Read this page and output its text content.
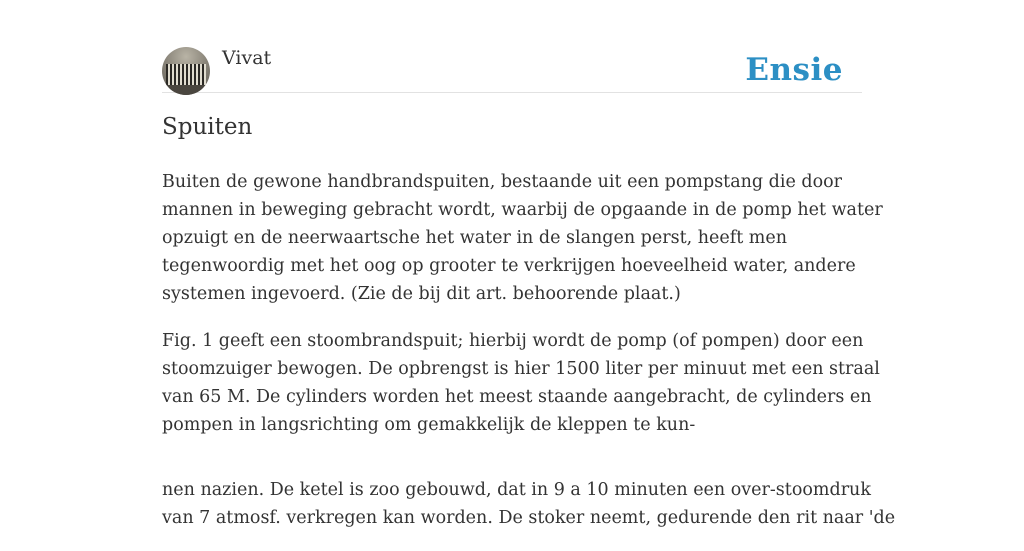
Vivat	Ensie
Spuiten

Buiten de gewone handbrandspuiten, bestaande uit een pompstang die door
mannen in beweging gebracht wordt, waarbij de opgaande in de pomp het water
opzuigt en de neerwaartsche het water in de slangen perst, heeft men
tegenwoordig met het oog op grooter te verkrijgen hoeveelheid water, andere
systemen ingevoerd. (Zie de bij dit art. behoorende plaat.)

Fig. 1 geeft een stoombrandspuit; hierbij wordt de pomp (of pompen) door een
stoomzuiger bewogen. De opbrengst is hier 1500 liter per minuut met een straal
van 65 M. De cylinders worden het meest staande aangebracht, de cylinders en
pompen in langsrichting om gemakkelijk de kleppen te kun-

nen nazien. De ketel is zoo gebouwd, dat in 9 a 10 minuten een over-stoomdruk
van 7 atmosf. verkregen kan worden. De stoker neemt, gedurende den rit naar 'de
